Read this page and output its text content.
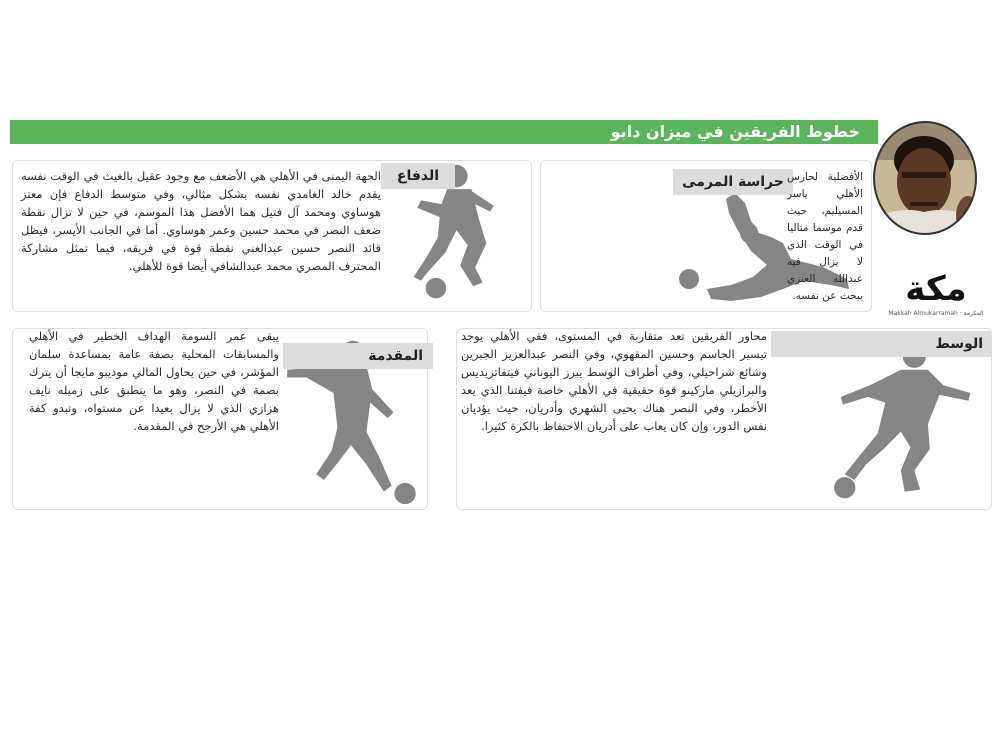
خطوط الفريقين في ميزان دابو
مكة
Makkah Almukarramah · المكرمة
حراسة المرمى الأفضلية لحارس الأهلي ياسر المسيليم، حيث قدم موسما مثاليا في الوقت الذي لا يزال فيه عبدالله العنزي يبحث عن نفسه.

الدفاع

الجهة اليمنى في الأهلي هي الأضعف مع وجود عقيل بالغيث في الوقت نفسه يقدم خالد الغامدي نفسه بشكل مثالي، وفي متوسط الدفاع فإن معتز هوساوي ومحمد آل فتيل هما الأفضل هذا الموسم، في حين لا تزال نقطة ضعف النصر في محمد حسين وعمر هوساوي. أما في الجانب الأيسر، فيظل قائد النصر حسين عبدالغني نقطة قوة في فريقه، فيما تمثل مشاركة المحترف المصري محمد عبدالشافي أيضا قوة للأهلي.

الوسط

محاور الفريقين تعد متقاربة في المستوى، ففي الأهلي يوجد تيسير الجاسم وحسين المقهوي، وفي النصر عبدالعزيز الجبرين وشائع شراحيلي، وفي أطراف الوسط يبرز اليوناني فيتفاتزيديس والبرازيلي ماركينو قوة حقيقية في الأهلي خاصة فيفتنا الذي يعد الأخطر، وفي النصر هناك يحيى الشهري وأدريان، حيث يؤديان نفس الدور، وإن كان يعاب على أدريان الاحتفاظ بالكرة كثيرا.

المقدمة

يبقى عمر السومة الهداف الخطير في الأهلي والمسابقات المحلية بصفة عامة بمساعدة سلمان المؤشر، في حين يحاول المالي موديبو مايجا أن يترك بصمة في النصر، وهو ما ينطبق على زميله نايف هزازي الذي لا يزال بعيدا عن مستواه، وتبدو كفة الأهلي هي الأرجح في المقدمة.
